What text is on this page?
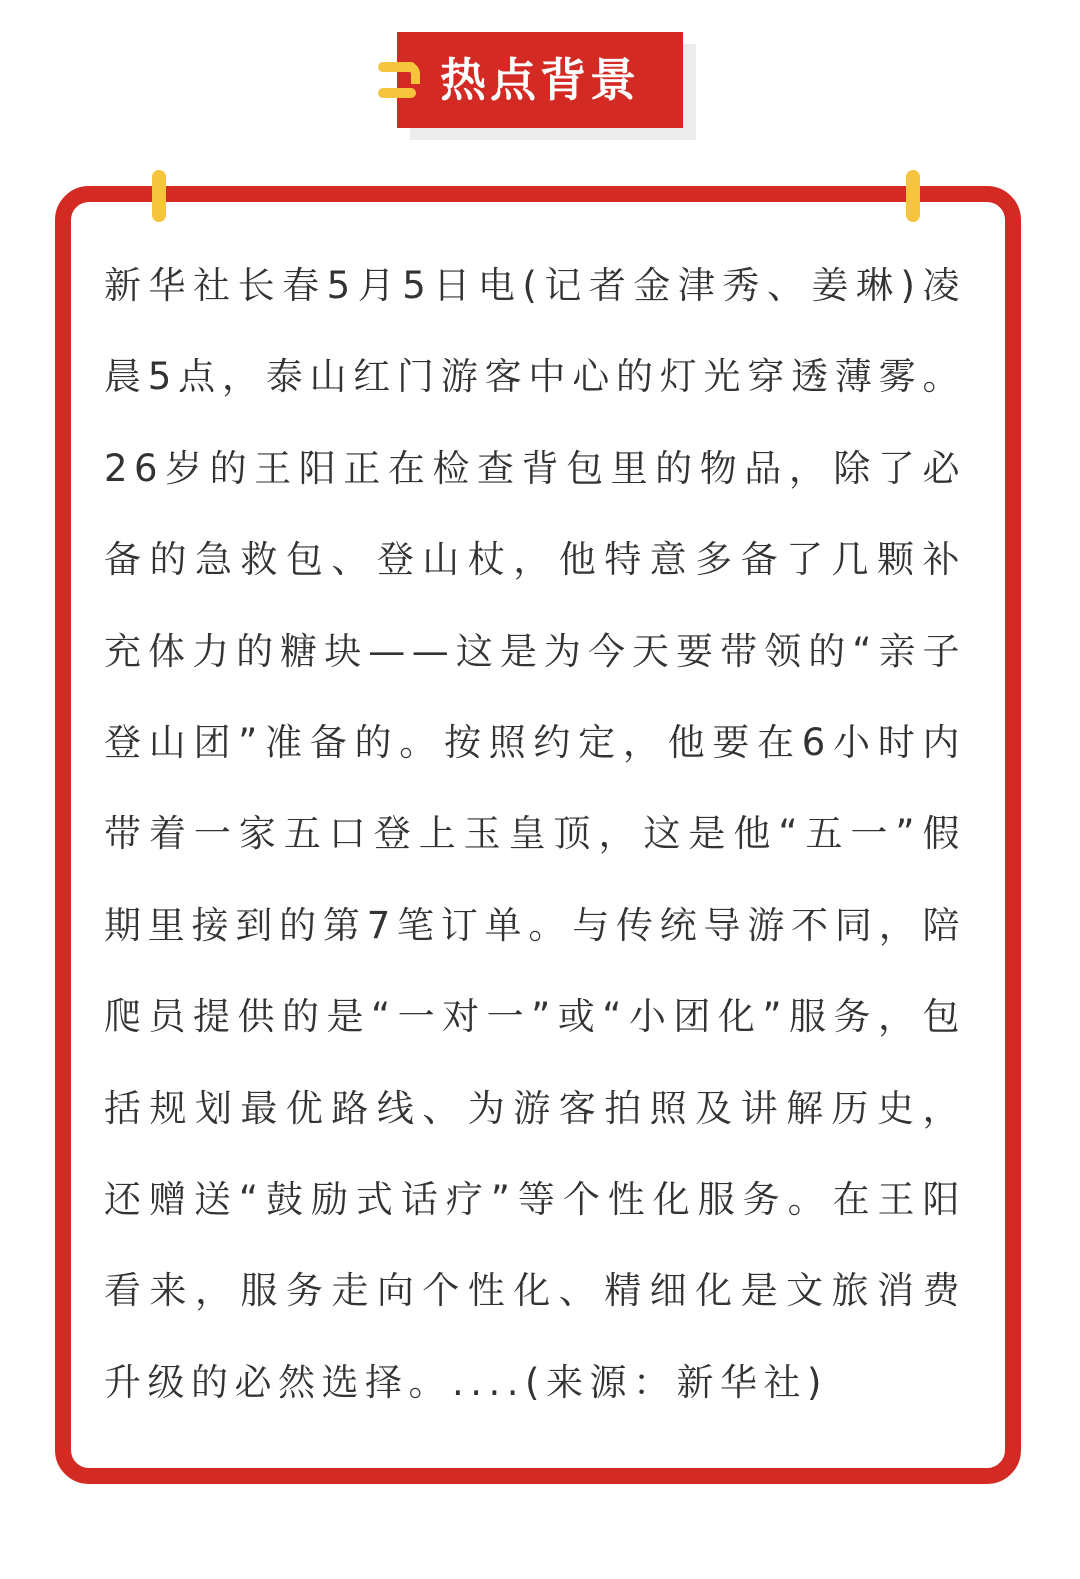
热点背景

新华社长春5月5日电(记者金津秀、姜琳)凌晨5点，泰山红门游客中心的灯光穿透薄雾。26岁的王阳正在检查背包里的物品，除了必备的急救包、登山杖，他特意多备了几颗补充体力的糖块——这是为今天要带领的“亲子登山团”准备的。按照约定，他要在6小时内带着一家五口登上玉皇顶，这是他“五一”假期里接到的第7笔订单。与传统导游不同，陪爬员提供的是“一对一”或“小团化”服务，包括规划最优路线、为游客拍照及讲解历史，还赠送“鼓励式话疗”等个性化服务。在王阳看来，服务走向个性化、精细化是文旅消费升级的必然选择。....(来源：新华社)
